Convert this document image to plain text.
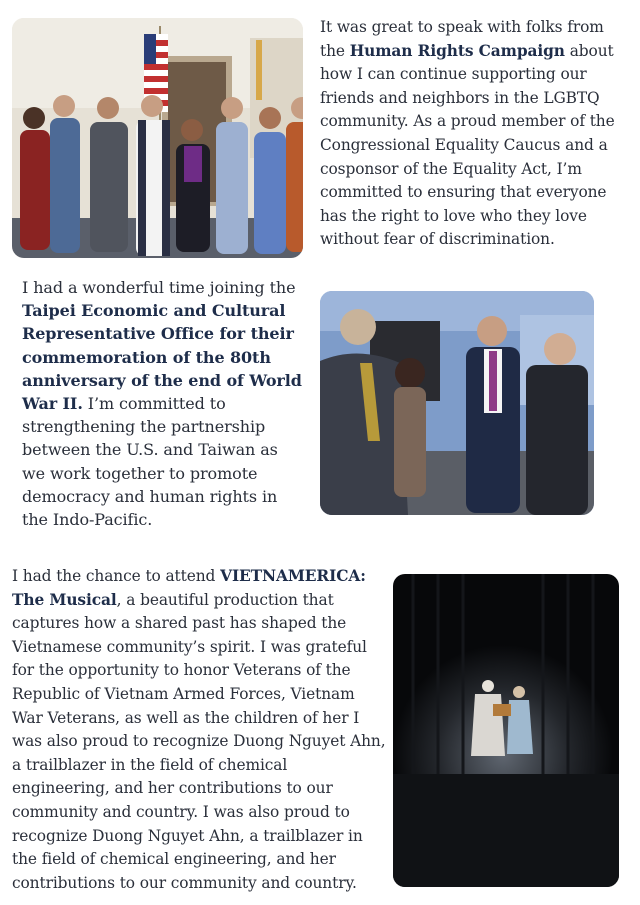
It was great to speak with folks from the Human Rights Campaign about how I can continue supporting our friends and neighbors in the LGBTQ community. As a proud member of the Congressional Equality Caucus and a cosponsor of the Equality Act, I’m committed to ensuring that everyone has the right to love who they love without fear of discrimination.

I had a wonderful time joining the Taipei Economic and Cultural Representative Office for their commemoration of the 80th anniversary of the end of World War II. I’m committed to strengthening the partnership between the U.S. and Taiwan as we work together to promote democracy and human rights in the Indo-Pacific.

I had the chance to attend VIETNAMERICA: The Musical, a beautiful production that captures how a shared past has shaped the Vietnamese community’s spirit. I was grateful for the opportunity to honor Veterans of the Republic of Vietnam Armed Forces, Vietnam War Veterans, as well as the children of her I was also proud to recognize Duong Nguyet Ahn, a trailblazer in the field of chemical engineering, and her contributions to our community and country. I was also proud to recognize Duong Nguyet Ahn, a trailblazer in the field of chemical engineering, and her contributions to our community and country.
